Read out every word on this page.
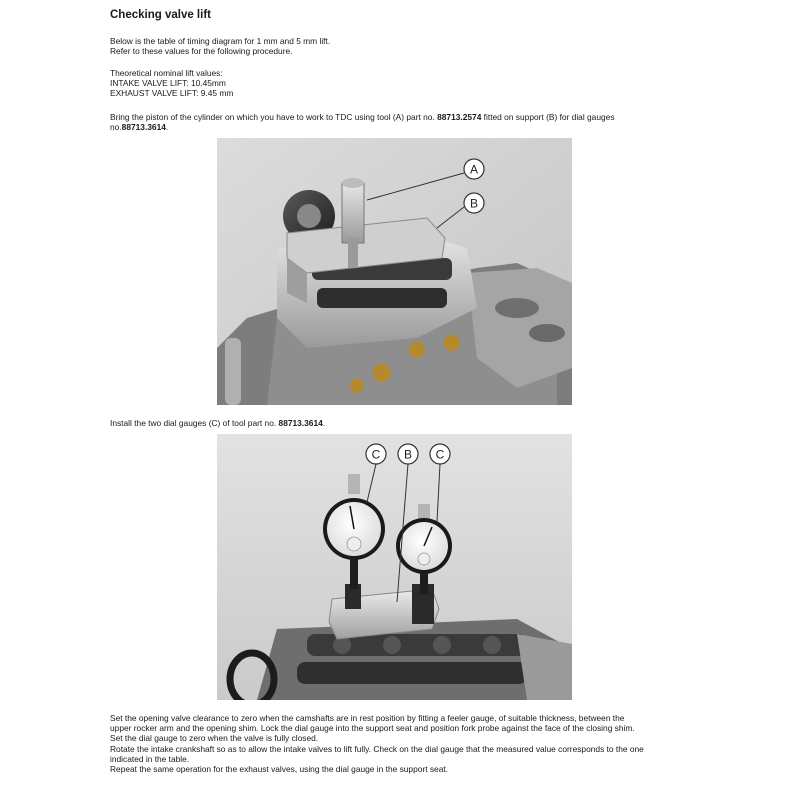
Checking valve lift

Below is the table of timing diagram for 1 mm and 5 mm lift.
Refer to these values for the following procedure.

Theoretical nominal lift values:
INTAKE VALVE LIFT: 10.45mm
EXHAUST VALVE LIFT: 9.45 mm

Bring the piston of the cylinder on which you have to work to TDC using tool (A) part no. 88713.2574 fitted on support (B) for dial gauges
no.88713.3614.

A
B

Install the two dial gauges (C) of tool part no. 88713.3614.

C B C

Set the opening valve clearance to zero when the camshafts are in rest position by fitting a feeler gauge, of suitable thickness, between the
upper rocker arm and the opening shim. Lock the dial gauge into the support seat and position fork probe against the face of the closing shim.
Set the dial gauge to zero when the valve is fully closed.
Rotate the intake crankshaft so as to allow the intake valves to lift fully. Check on the dial gauge that the measured value corresponds to the one
indicated in the table.
Repeat the same operation for the exhaust valves, using the dial gauge in the support seat.
